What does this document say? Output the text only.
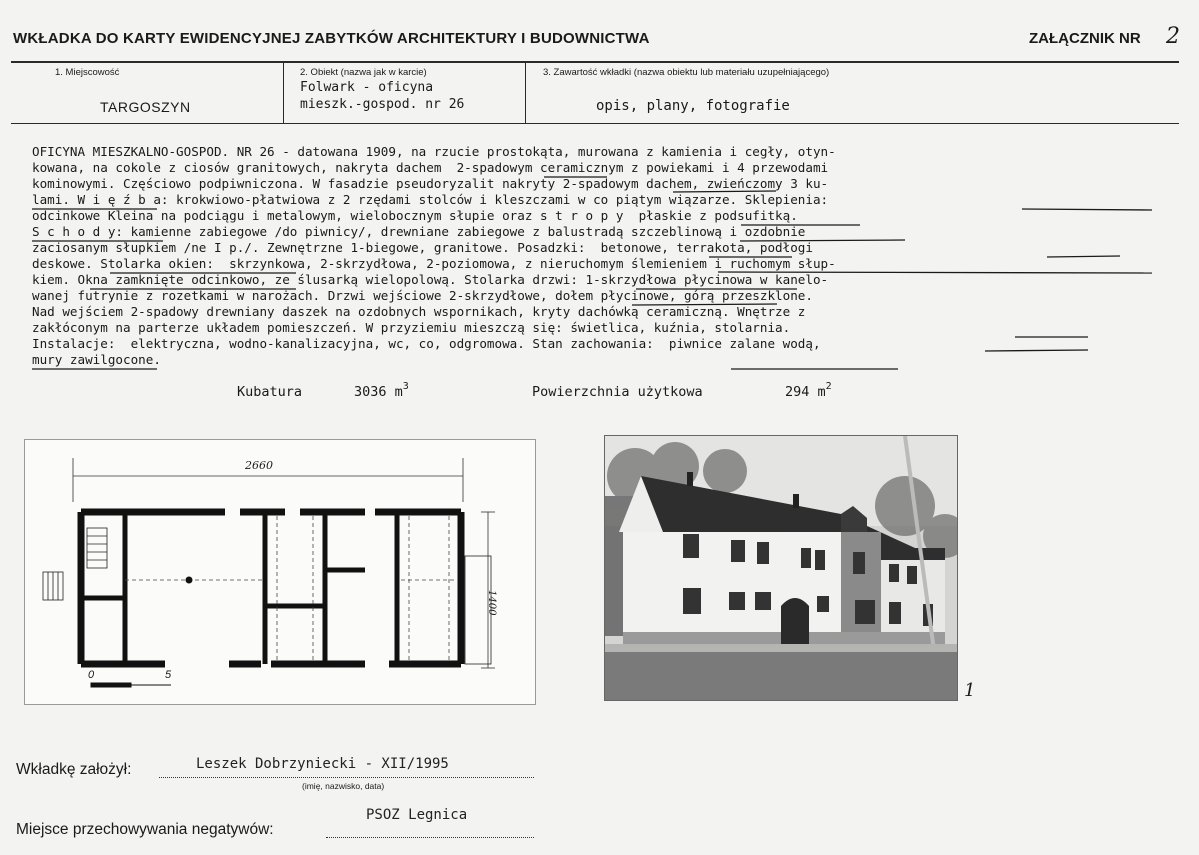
WKŁADKA DO KARTY EWIDENCYJNEJ ZABYTKÓW ARCHITEKTURY I BUDOWNICTWA	ZAŁĄCZNIK NR 2
1. Miejscowość
TARGOSZYN
2. Obiekt (nazwa jak w karcie)
Folwark - oficyna
mieszk.-gospod. nr 26
3. Zawartość wkładki (nazwa obiektu lub materiału uzupełniającego)
opis, plany, fotografie
OFICYNA MIESZKALNO-GOSPOD. NR 26 - datowana 1909, na rzucie prostokąta, murowana z kamienia i cegły, otyn-
kowana, na cokole z ciosów granitowych, nakryta dachem  2-spadowym ceramicznym z powiekami i 4 przewodami
kominowymi. Częściowo podpiwniczona. W fasadzie pseudoryzalit nakryty 2-spadowym dachem, zwieńczomy 3 ku-
lami. W i ę ź b a: krokwiowo-płatwiowa z 2 rzędami stolców i kleszczami w co piątym wiązarze. Sklepienia:
odcinkowe Kleina na podciągu i metalowym, wielobocznym słupie oraz s t r o p y  płaskie z podsufitką.
S c h o d y: kamienne zabiegowe /do piwnicy/, drewniane zabiegowe z balustradą szczeblinową i ozdobnie
zaciosanym słupkiem /ne I p./. Zewnętrzne 1-biegowe, granitowe. Posadzki:  betonowe, terrakota, podłogi
deskowe. Stolarka okien:  skrzynkowa, 2-skrzydłowa, 2-poziomowa, z nieruchomym ślemieniem i ruchomym słup-
kiem. Okna zamknięte odcinkowo, ze ślusarką wielopolową. Stolarka drzwi: 1-skrzydłowa płycinowa w kanelo-
wanej futrynie z rozetkami w narożach. Drzwi wejściowe 2-skrzydłowe, dołem płycinowe, górą przeszklone.
Nad wejściem 2-spadowy drewniany daszek na ozdobnych wspornikach, kryty dachówką ceramiczną. Wnętrze z
zakłóconym na parterze układem pomieszczeń. W przyziemiu mieszczą się: świetlica, kuźnia, stolarnia.
Instalacje:  elektryczna, wodno-kanalizacyjna, wc, co, odgromowa. Stan zachowania:  piwnice zalane wodą,
mury zawilgocone.
Kubatura	3036 $m^3$	Powierzchnia użytkowa	294 $m^2$
2660
1400
0	5
1
Wkładkę założył:	Leszek Dobrzyniecki - XII/1995
(imię, nazwisko, data)
Miejsce przechowywania negatywów:
PSOZ Legnica
